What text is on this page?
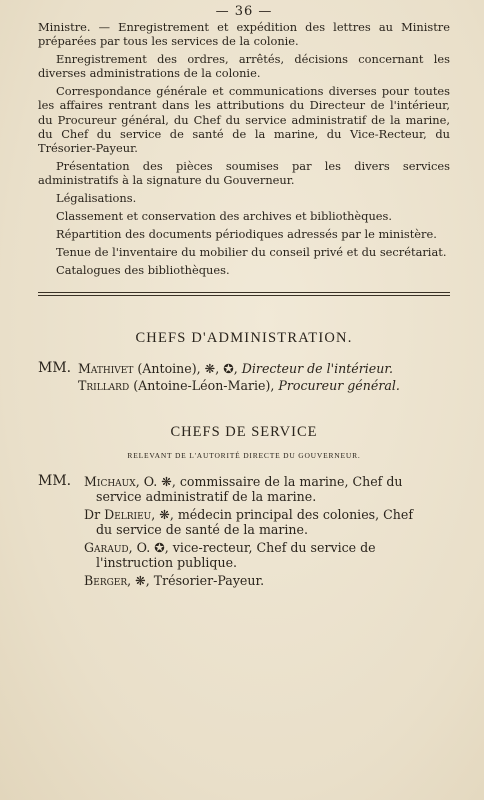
— 36 —

Ministre. — Enregistrement et expédition des lettres au Ministre préparées par tous les services de la colonie.

Enregistrement des ordres, arrêtés, décisions concernant les diverses administrations de la colonie.

Correspondance générale et communications diverses pour toutes les affaires rentrant dans les attributions du Directeur de l'intérieur, du Procureur général, du Chef du service administratif de la marine, du Chef du service de santé de la marine, du Vice-Recteur, du Trésorier-Payeur.

Présentation des pièces soumises par les divers services administratifs à la signature du Gouverneur.

Légalisations.

Classement et conservation des archives et bibliothèques.

Répartition des documents périodiques adressés par le ministère.

Tenue de l'inventaire du mobilier du conseil privé et du secrétariat.

Catalogues des bibliothèques.

CHEFS D'ADMINISTRATION.
MM. Mathivet (Antoine), ❋, ✪, Directeur de l'intérieur.
Trillard (Antoine-Léon-Marie), Procureur général.
CHEFS DE SERVICE
RELEVANT DE L'AUTORITÉ DIRECTE DU GOUVERNEUR.
MM. Michaux, O. ❋, commissaire de la marine, Chef du
service administratif de la marine.
Dr Delrieu, ❋, médecin principal des colonies, Chef
du service de santé de la marine.
Garaud, O. ✪, vice-recteur, Chef du service de
l'instruction publique.
Berger, ❋, Trésorier-Payeur.
